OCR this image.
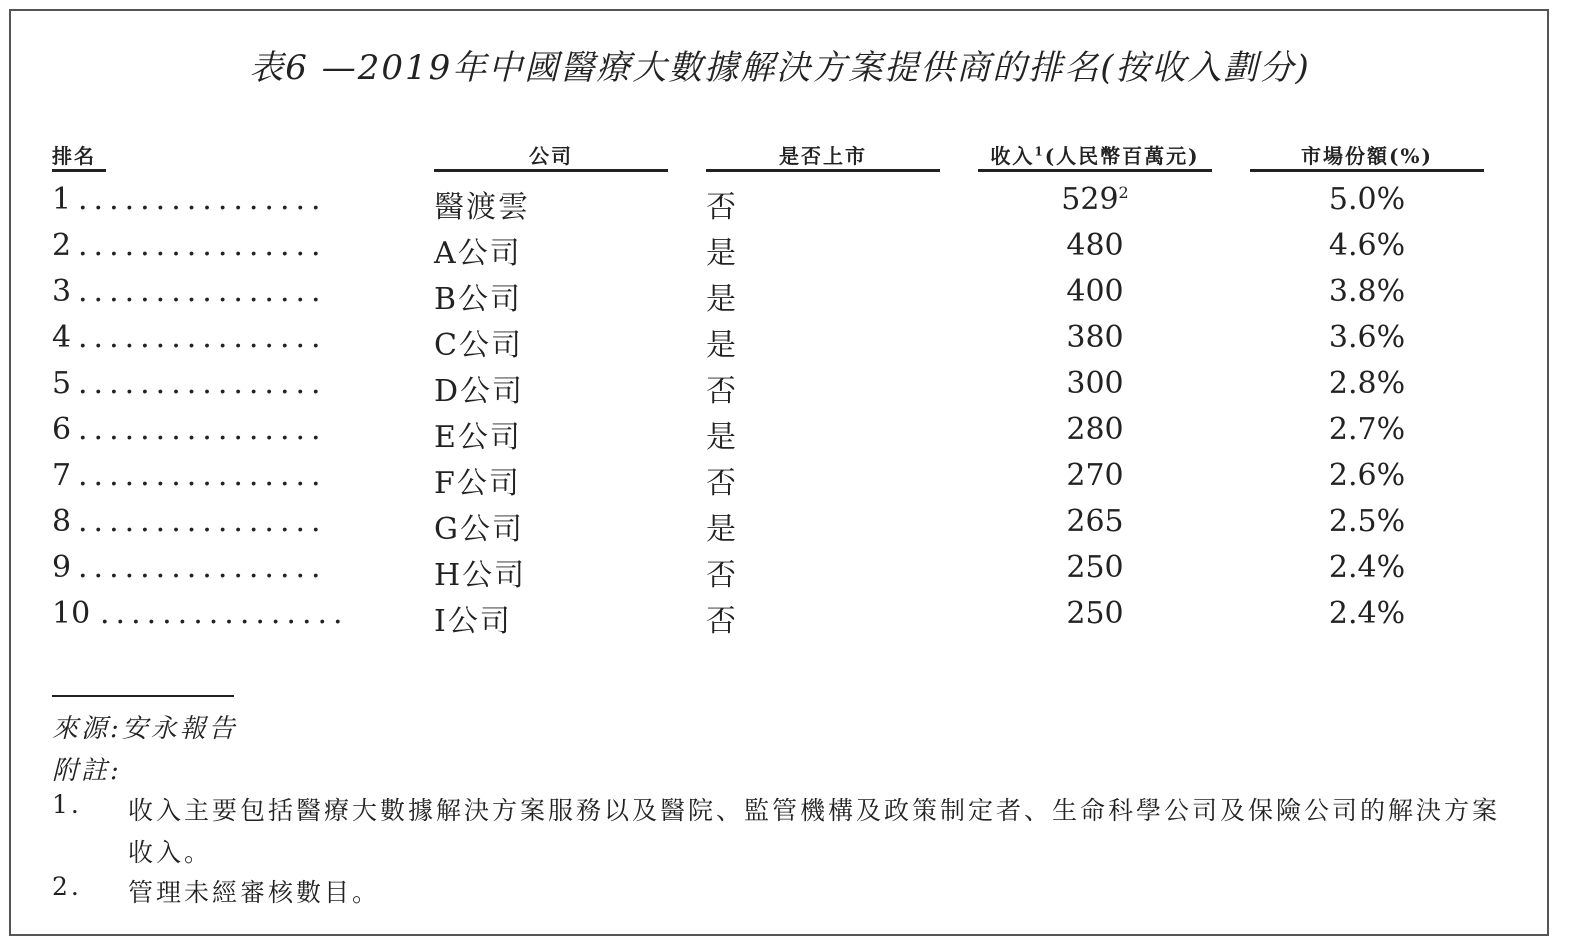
表6 —2019年中國醫療大數據解決方案提供商的排名(按收入劃分)
排名	公司	是否上市	收入$^1$(人民幣百萬元)	市場份額(%)
1 ................	醫渡雲	否	$529^2$	5.0%
2 ................	A公司	是	480	4.6%
3 ................	B公司	是	400	3.8%
4 ................	C公司	是	380	3.6%
5 ................	D公司	否	300	2.8%
6 ................	E公司	是	280	2.7%
7 ................	F公司	否	270	2.6%
8 ................	G公司	是	265	2.5%
9 ................	H公司	否	250	2.4%
10 ................	I公司	否	250	2.4%
來源:安永報告
附註:
1. 收入主要包括醫療大數據解決方案服務以及醫院、監管機構及政策制定者、生命科學公司及保險公司的解決方案收入。
2. 管理未經審核數目。
